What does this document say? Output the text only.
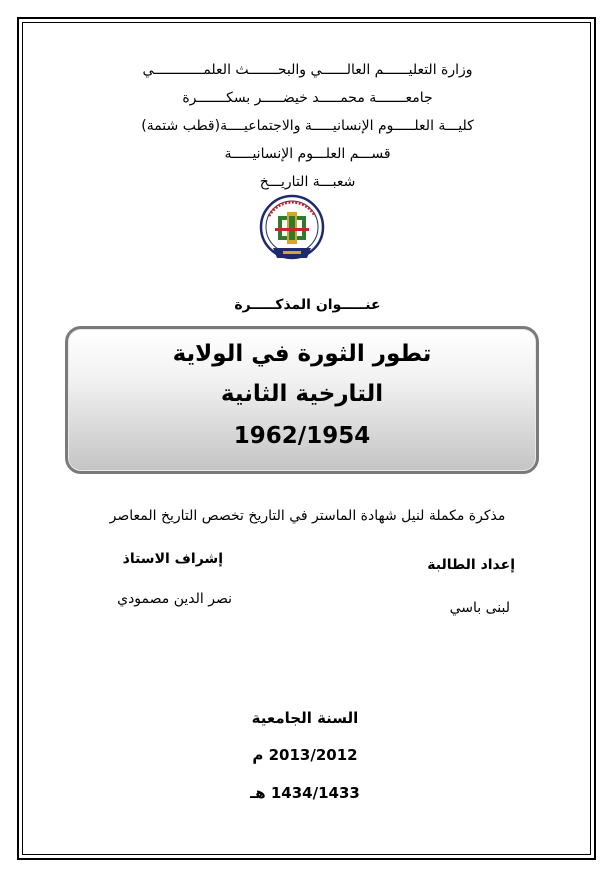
وزارة التعليــــــم العالــــــي والبحـــــــث العلمــــــــــــي
جامعـــــــة محمـــــد خيضـــــر بسكـــــــرة
كليـــة العلـــــوم الإنسانيـــــة والاجتماعيــــة(قطب شتمة)
قســـم العلـــوم الإنسانيـــــة
شعبـــة التاريـــخ
عنـــــوان المذكـــــرة
تطور الثورة في الولاية
التارخية الثانية
1962/1954
مذكرة مكملة لنيل شهادة الماستر في التاريخ تخصص التاريخ المعاصر
إعداد الطالبة
لبنى باسي
إشراف الاستاذ
نصر الدين مصمودي
السنة الجامعية
2013/2012 م
1434/1433 هـ
